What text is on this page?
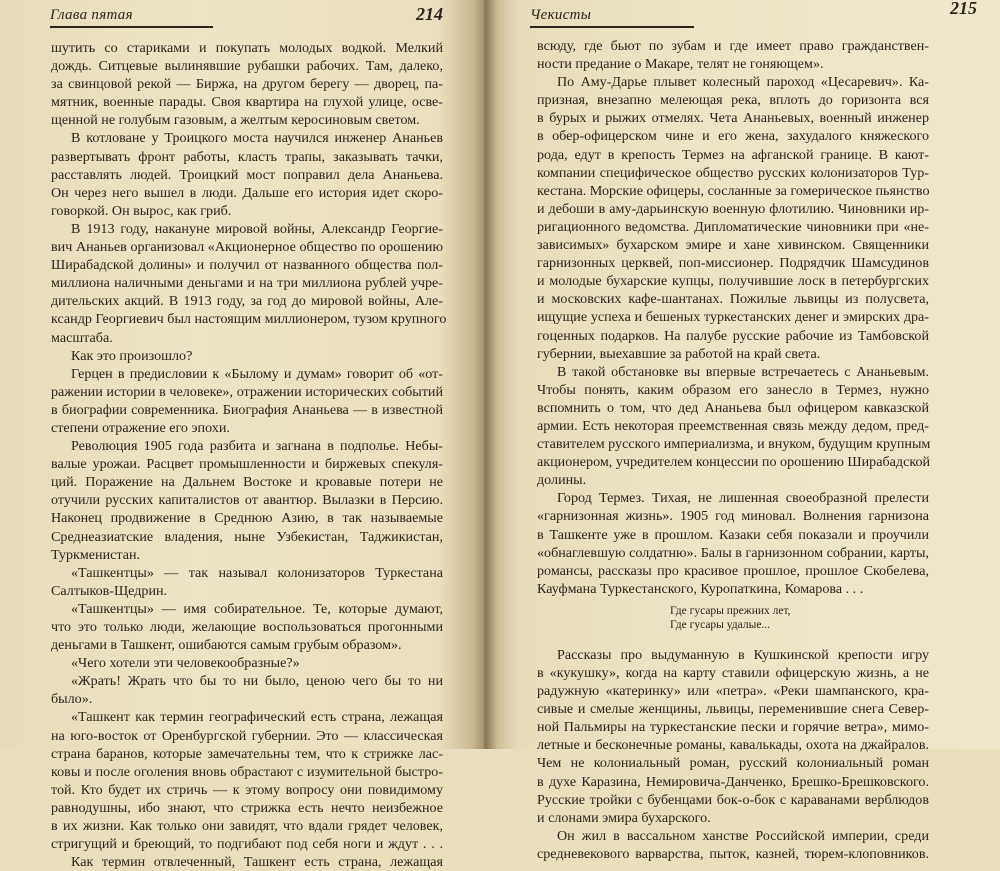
Глава пятая	214
шутить со стариками и покупать молодых водкой. Мелкий
дождь. Ситцевые вылинявшие рубашки рабочих. Там, далеко,
за свинцовой рекой — Биржа, на другом берегу — дворец, па-
мятник, военные парады. Своя квартира на глухой улице, осве-
щенной не голубым газовым, а желтым керосиновым светом.
В котловане у Троицкого моста научился инженер Ананьев
развертывать фронт работы, класть трапы, заказывать тачки,
расставлять людей. Троицкий мост поправил дела Ананьева.
Он через него вышел в люди. Дальше его история идет скоро-
говоркой. Он вырос, как гриб.
В 1913 году, накануне мировой войны, Александр Георгие-
вич Ананьев организовал «Акционерное общество по орошению
Ширабадской долины» и получил от названного общества пол-
миллиона наличными деньгами и на три миллиона рублей учре-
дительских акций. В 1913 году, за год до мировой войны, Але-
ксандр Георгиевич был настоящим миллионером, тузом крупного
масштаба.
Как это произошло?
Герцен в предисловии к «Былому и думам» говорит об «от-
ражении истории в человеке», отражении исторических событий
в биографии современника. Биография Ананьева — в известной
степени отражение его эпохи.
Революция 1905 года разбита и загнана в подполье. Небы-
валые урожаи. Расцвет промышленности и биржевых спекуля-
ций. Поражение на Дальнем Востоке и кровавые потери не
отучили русских капиталистов от авантюр. Вылазки в Персию.
Наконец продвижение в Среднюю Азию, в так называемые
Среднеазиатские владения, ныне Узбекистан, Таджикистан,
Туркменистан.
«Ташкентцы» — так называл колонизаторов Туркестана
Салтыков-Щедрин.
«Ташкентцы» — имя собирательное. Те, которые думают,
что это только люди, желающие воспользоваться прогонными
деньгами в Ташкент, ошибаются самым грубым образом».
«Чего хотели эти человекообразные?»
«Жрать! Жрать что бы то ни было, ценою чего бы то ни
было».
«Ташкент как термин географический есть страна, лежащая
на юго-восток от Оренбургской губернии. Это — классическая
страна баранов, которые замечательны тем, что к стрижке лас-
ковы и после оголения вновь обрастают с изумительной быстро-
той. Кто будет их стричь — к этому вопросу они повидимому
равнодушны, ибо знают, что стрижка есть нечто неизбежное
в их жизни. Как только они завидят, что вдали грядет человек,
стригущий и бреющий, то подгибают под себя ноги и ждут . . .
Как термин отвлеченный, Ташкент есть страна, лежащая
Чекисты	215
всюду, где бьют по зубам и где имеет право гражданствен-
ности предание о Макаре, телят не гоняющем».
По Аму-Дарье плывет колесный пароход «Цесаревич». Ка-
призная, внезапно мелеющая река, вплоть до горизонта вся
в бурых и рыжих отмелях. Чета Ананьевых, военный инженер
в обер-офицерском чине и его жена, захудалого княжеского
рода, едут в крепость Термез на афганской границе. В кают-
компании специфическое общество русских колонизаторов Тур-
кестана. Морские офицеры, сосланные за гомерическое пьянство
и дебоши в аму-дарьинскую военную флотилию. Чиновники ир-
ригационного ведомства. Дипломатические чиновники при «не-
зависимых» бухарском эмире и хане хивинском. Священники
гарнизонных церквей, поп-миссионер. Подрядчик Шамсудинов
и молодые бухарские купцы, получившие лоск в петербургских
и московских кафе-шантанах. Пожилые львицы из полусвета,
ищущие успеха и бешеных туркестанских денег и эмирских дра-
гоценных подарков. На палубе русские рабочие из Тамбовской
губернии, выехавшие за работой на край света.
В такой обстановке вы впервые встречаетесь с Ананьевым.
Чтобы понять, каким образом его занесло в Термез, нужно
вспомнить о том, что дед Ананьева был офицером кавказской
армии. Есть некоторая преемственная связь между дедом, пред-
ставителем русского империализма, и внуком, будущим крупным
акционером, учредителем концессии по орошению Ширабадской
долины.
Город Термез. Тихая, не лишенная своеобразной прелести
«гарнизонная жизнь». 1905 год миновал. Волнения гарнизона
в Ташкенте уже в прошлом. Казаки себя показали и проучили
«обнаглевшую солдатню». Балы в гарнизонном собрании, карты,
романсы, рассказы про красивое прошлое, прошлое Скобелева,
Кауфмана Туркестанского, Куропаткина, Комарова . . .
Где гусары прежних лет,
Где гусары удалые...
Рассказы про выдуманную в Кушкинской крепости игру
в «кукушку», когда на карту ставили офицерскую жизнь, а не
радужную «катеринку» или «петра». «Реки шампанского, кра-
сивые и смелые женщины, львицы, переменившие снега Север-
ной Пальмиры на туркестанские пески и горячие ветра», мимо-
летные и бесконечные романы, кавалькады, охота на джайралов.
Чем не колониальный роман, русский колониальный роман
в духе Каразина, Немировича-Данченко, Брешко-Брешковского.
Русские тройки с бубенцами бок-о-бок с караванами верблюдов
и слонами эмира бухарского.
Он жил в вассальном ханстве Российской империи, среди
средневекового варварства, пыток, казней, тюрем-клоповников.
